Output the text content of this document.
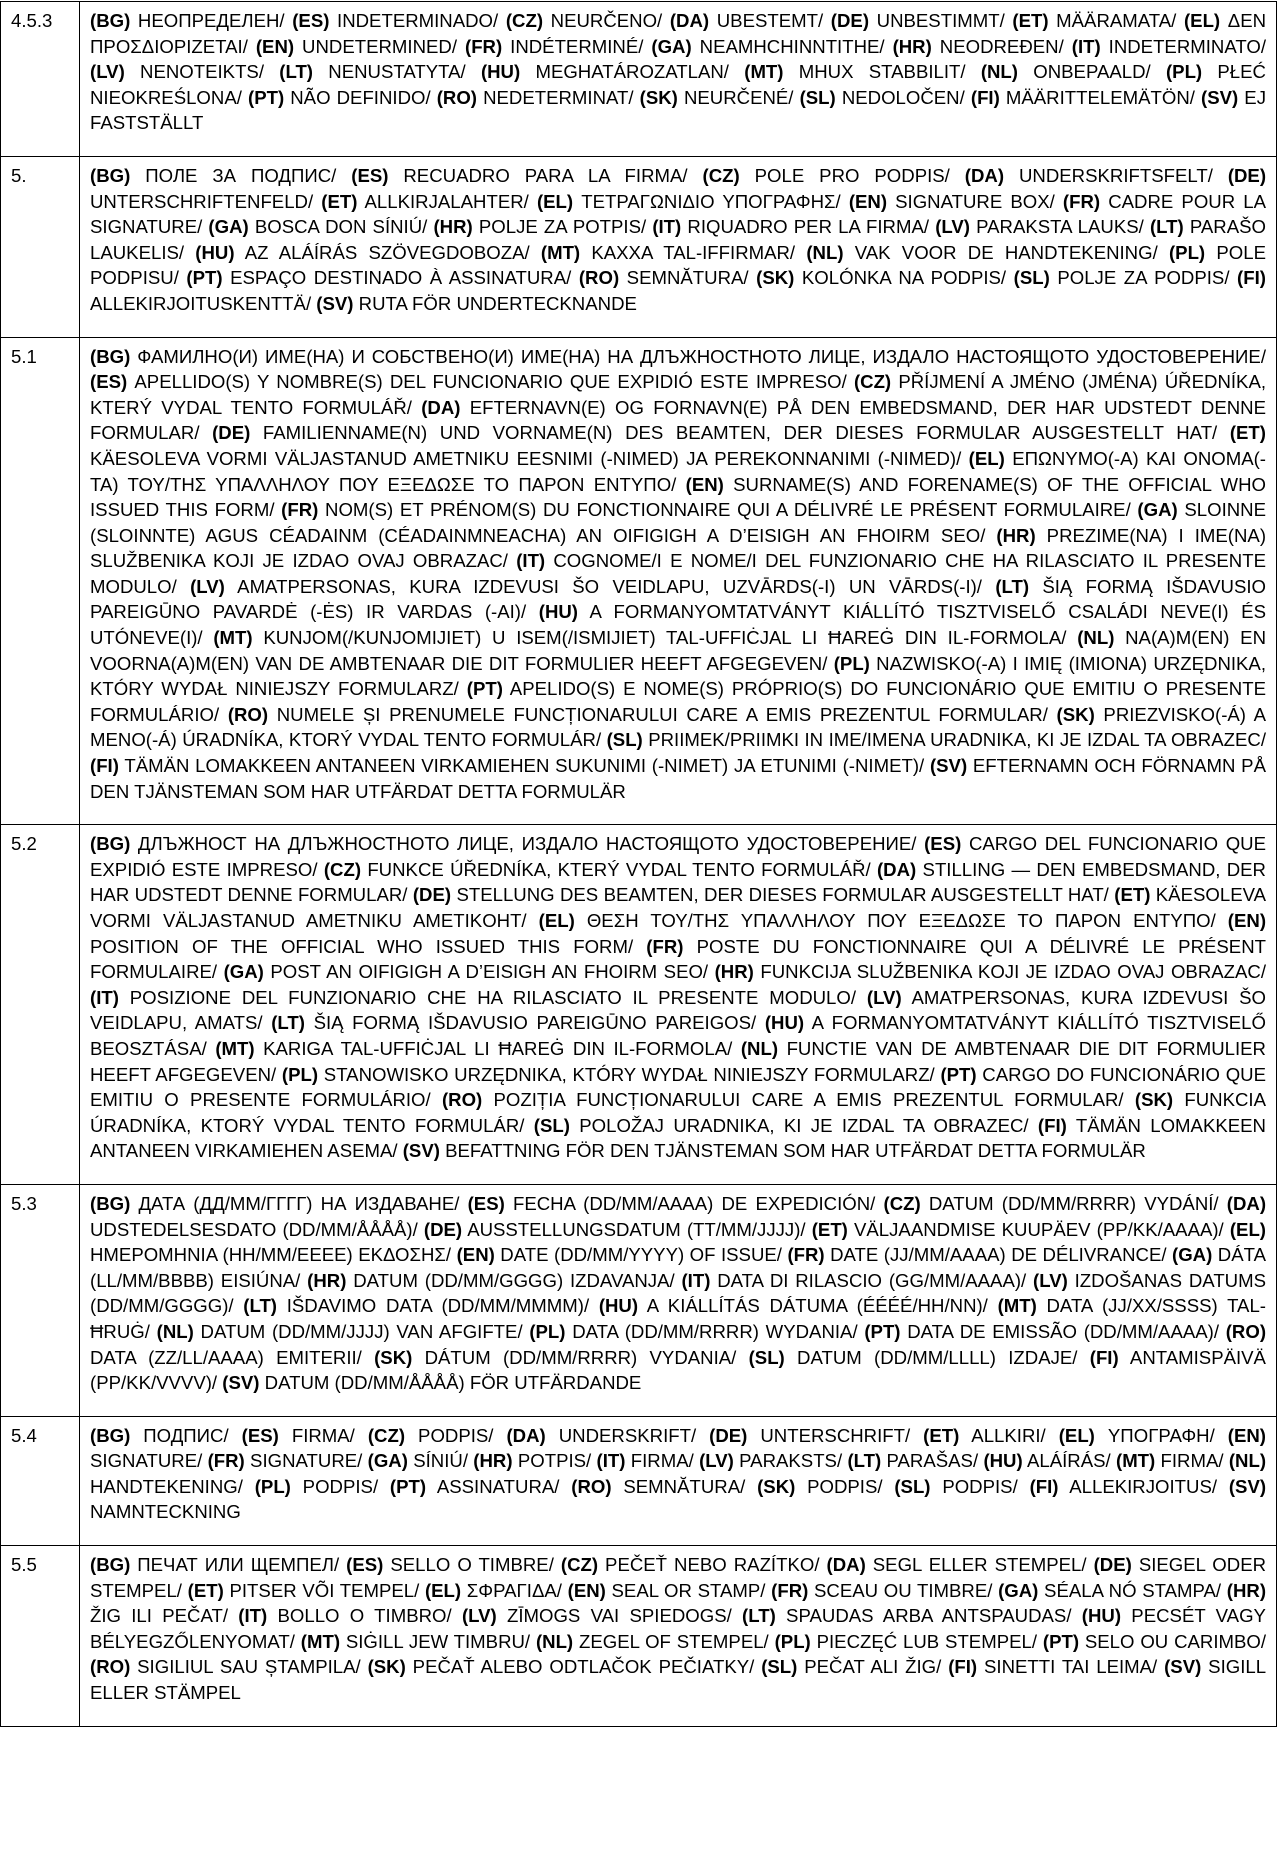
4.5.3	(BG) НЕОПРЕДЕЛЕН/ (ES) INDETERMINADO/ (CZ) NEURČENO/ (DA) UBESTEMT/ (DE) UNBESTIMMT/ (ET) MÄÄRAMATA/ (EL) ΔΕΝ ΠΡΟΣΔΙΟΡΙΖΕΤΑΙ/ (EN) UNDETERMINED/ (FR) INDÉTERMINÉ/ (GA) NEAMHCHINNTITHE/ (HR) NEODREĐEN/ (IT) INDETERMINATO/ (LV) NENOTEIKTS/ (LT) NENUSTATYTA/ (HU) MEGHATÁROZATLAN/ (MT) MHUX STABBILIT/ (NL) ONBEPAALD/ (PL) PŁEĆ NIEOKREŚLONA/ (PT) NÃO DEFINIDO/ (RO) NEDETERMINAT/ (SK) NEURČENÉ/ (SL) NEDOLOČEN/ (FI) MÄÄRITTELEMÄTÖN/ (SV) EJ FASTSTÄLLT
5.	(BG) ПОЛЕ ЗА ПОДПИС/ (ES) RECUADRO PARA LA FIRMA/ (CZ) POLE PRO PODPIS/ (DA) UNDERSKRIFTSFELT/ (DE) UNTERSCHRIFTENFELD/ (ET) ALLKIRJALAHTER/ (EL) ΤΕΤΡΑΓΩΝΙΔΙΟ ΥΠΟΓΡΑΦΗΣ/ (EN) SIGNATURE BOX/ (FR) CADRE POUR LA SIGNATURE/ (GA) BOSCA DON SÍNIÚ/ (HR) POLJE ZA POTPIS/ (IT) RIQUADRO PER LA FIRMA/ (LV) PARAKSTA LAUKS/ (LT) PARAŠO LAUKELIS/ (HU) AZ ALÁÍRÁS SZÖVEGDOBOZA/ (MT) KAXXA TAL-IFFIRMAR/ (NL) VAK VOOR DE HANDTEKENING/ (PL) POLE PODPISU/ (PT) ESPAÇO DESTINADO À ASSINATURA/ (RO) SEMNĂTURA/ (SK) KOLÓNKA NA PODPIS/ (SL) POLJE ZA PODPIS/ (FI) ALLEKIRJOITUSKENTTÄ/ (SV) RUTA FÖR UNDERTECKNANDE
5.1	(BG) ФАМИЛНО(И) ИМЕ(НА) И СОБСТВЕНО(И) ИМЕ(НА) НА ДЛЪЖНОСТНОТО ЛИЦЕ, ИЗДАЛО НАСТОЯЩОТО УДОСТОВЕРЕНИЕ/ (ES) APELLIDO(S) Y NOMBRE(S) DEL FUNCIONARIO QUE EXPIDIÓ ESTE IMPRESO/ (CZ) PŘÍJMENÍ A JMÉNO (JMÉNA) ÚŘEDNÍKA, KTERÝ VYDAL TENTO FORMULÁŘ/ (DA) EFTERNAVN(E) OG FORNAVN(E) PÅ DEN EMBEDSMAND, DER HAR UDSTEDT DENNE FORMULAR/ (DE) FAMILIENNAME(N) UND VORNAME(N) DES BEAMTEN, DER DIESES FORMULAR AUSGESTELLT HAT/ (ET) KÄESOLEVA VORMI VÄLJASTANUD AMETNIKU EESNIMI (-NIMED) JA PEREKONNANIMI (-NIMED)/ (EL) ΕΠΩΝΥΜΟ(-Α) ΚΑΙ ΟΝΟΜΑ(-ΤΑ) ΤΟΥ/ΤΗΣ ΥΠΑΛΛΗΛΟΥ ΠΟΥ ΕΞΕΔΩΣΕ ΤΟ ΠΑΡΟΝ ΕΝΤΥΠΟ/ (EN) SURNAME(S) AND FORENAME(S) OF THE OFFICIAL WHO ISSUED THIS FORM/ (FR) NOM(S) ET PRÉNOM(S) DU FONCTIONNAIRE QUI A DÉLIVRÉ LE PRÉSENT FORMULAIRE/ (GA) SLOINNE (SLOINNTE) AGUS CÉADAINM (CÉADAINMNEACHA) AN OIFIGIGH A D’EISIGH AN FHOIRM SEO/ (HR) PREZIME(NA) I IME(NA) SLUŽBENIKA KOJI JE IZDAO OVAJ OBRAZAC/ (IT) COGNOME/I E NOME/I DEL FUNZIONARIO CHE HA RILASCIATO IL PRESENTE MODULO/ (LV) AMATPERSONAS, KURA IZDEVUSI ŠO VEIDLAPU, UZVĀRDS(-I) UN VĀRDS(-I)/ (LT) ŠIĄ FORMĄ IŠDAVUSIO PAREIGŪNO PAVARDĖ (-ĖS) IR VARDAS (-AI)/ (HU) A FORMANYOMTATVÁNYT KIÁLLÍTÓ TISZTVISELŐ CSALÁDI NEVE(I) ÉS UTÓNEVE(I)/ (MT) KUNJOM(/KUNJOMIJIET) U ISEM(/ISMIJIET) TAL-UFFIĊJAL LI ĦAREĠ DIN IL-FORMOLA/ (NL) NA(A)M(EN) EN VOORNA(A)M(EN) VAN DE AMBTENAAR DIE DIT FORMULIER HEEFT AFGEGEVEN/ (PL) NAZWISKO(-A) I IMIĘ (IMIONA) URZĘDNIKA, KTÓRY WYDAŁ NINIEJSZY FORMULARZ/ (PT) APELIDO(S) E NOME(S) PRÓPRIO(S) DO FUNCIONÁRIO QUE EMITIU O PRESENTE FORMULÁRIO/ (RO) NUMELE ȘI PRENUMELE FUNCȚIONARULUI CARE A EMIS PREZENTUL FORMULAR/ (SK) PRIEZVISKO(-Á) A MENO(-Á) ÚRADNÍKA, KTORÝ VYDAL TENTO FORMULÁR/ (SL) PRIIMEK/PRIIMKI IN IME/IMENA URADNIKA, KI JE IZDAL TA OBRAZEC/ (FI) TÄMÄN LOMAKKEEN ANTANEEN VIRKAMIEHEN SUKUNIMI (-NIMET) JA ETUNIMI (-NIMET)/ (SV) EFTERNAMN OCH FÖRNAMN PÅ DEN TJÄNSTEMAN SOM HAR UTFÄRDAT DETTA FORMULÄR
5.2	(BG) ДЛЪЖНОСТ НА ДЛЪЖНОСТНОТО ЛИЦЕ, ИЗДАЛО НАСТОЯЩОТО УДОСТОВЕРЕНИЕ/ (ES) CARGO DEL FUNCIONARIO QUE EXPIDIÓ ESTE IMPRESO/ (CZ) FUNKCE ÚŘEDNÍKA, KTERÝ VYDAL TENTO FORMULÁŘ/ (DA) STILLING — DEN EMBEDSMAND, DER HAR UDSTEDT DENNE FORMULAR/ (DE) STELLUNG DES BEAMTEN, DER DIESES FORMULAR AUSGESTELLT HAT/ (ET) KÄESOLEVA VORMI VÄLJASTANUD AMETNIKU AMETIKOHT/ (EL) ΘΕΣΗ ΤΟΥ/ΤΗΣ ΥΠΑΛΛΗΛΟΥ ΠΟΥ ΕΞΕΔΩΣΕ ΤΟ ΠΑΡΟΝ ΕΝΤΥΠΟ/ (EN) POSITION OF THE OFFICIAL WHO ISSUED THIS FORM/ (FR) POSTE DU FONCTIONNAIRE QUI A DÉLIVRÉ LE PRÉSENT FORMULAIRE/ (GA) POST AN OIFIGIGH A D’EISIGH AN FHOIRM SEO/ (HR) FUNKCIJA SLUŽBENIKA KOJI JE IZDAO OVAJ OBRAZAC/ (IT) POSIZIONE DEL FUNZIONARIO CHE HA RILASCIATO IL PRESENTE MODULO/ (LV) AMATPERSONAS, KURA IZDEVUSI ŠO VEIDLAPU, AMATS/ (LT) ŠIĄ FORMĄ IŠDAVUSIO PAREIGŪNO PAREIGOS/ (HU) A FORMANYOMTATVÁNYT KIÁLLÍTÓ TISZTVISELŐ BEOSZTÁSA/ (MT) KARIGA TAL-UFFIĊJAL LI ĦAREĠ DIN IL-FORMOLA/ (NL) FUNCTIE VAN DE AMBTENAAR DIE DIT FORMULIER HEEFT AFGEGEVEN/ (PL) STANOWISKO URZĘDNIKA, KTÓRY WYDAŁ NINIEJSZY FORMULARZ/ (PT) CARGO DO FUNCIONÁRIO QUE EMITIU O PRESENTE FORMULÁRIO/ (RO) POZIȚIA FUNCȚIONARULUI CARE A EMIS PREZENTUL FORMULAR/ (SK) FUNKCIA ÚRADNÍKA, KTORÝ VYDAL TENTO FORMULÁR/ (SL) POLOŽAJ URADNIKA, KI JE IZDAL TA OBRAZEC/ (FI) TÄMÄN LOMAKKEEN ANTANEEN VIRKAMIEHEN ASEMA/ (SV) BEFATTNING FÖR DEN TJÄNSTEMAN SOM HAR UTFÄRDAT DETTA FORMULÄR
5.3	(BG) ДАТА (ДД/ММ/ГГГГ) НА ИЗДАВАНЕ/ (ES) FECHA (DD/MM/AAAA) DE EXPEDICIÓN/ (CZ) DATUM (DD/MM/RRRR) VYDÁNÍ/ (DA) UDSTEDELSESDATO (DD/MM/ÅÅÅÅ)/ (DE) AUSSTELLUNGSDATUM (TT/MM/JJJJ)/ (ET) VÄLJAANDMISE KUUPÄEV (PP/KK/AAAA)/ (EL) ΗΜΕΡΟΜΗΝΙΑ (ΗΗ/ΜΜ/ΕΕΕΕ) ΕΚΔΟΣΗΣ/ (EN) DATE (DD/MM/YYYY) OF ISSUE/ (FR) DATE (JJ/MM/AAAA) DE DÉLIVRANCE/ (GA) DÁTA (LL/MM/BBBB) EISIÚNA/ (HR) DATUM (DD/MM/GGGG) IZDAVANJA/ (IT) DATA DI RILASCIO (GG/MM/AAAA)/ (LV) IZDOŠANAS DATUMS (DD/MM/GGGG)/ (LT) IŠDAVIMO DATA (DD/MM/MMMM)/ (HU) A KIÁLLÍTÁS DÁTUMA (ÉÉÉÉ/HH/NN)/ (MT) DATA (JJ/XX/SSSS) TAL-ĦRUĠ/ (NL) DATUM (DD/MM/JJJJ) VAN AFGIFTE/ (PL) DATA (DD/MM/RRRR) WYDANIA/ (PT) DATA DE EMISSÃO (DD/MM/AAAA)/ (RO) DATA (ZZ/LL/AAAA) EMITERII/ (SK) DÁTUM (DD/MM/RRRR) VYDANIA/ (SL) DATUM (DD/MM/LLLL) IZDAJE/ (FI) ANTAMISPÄIVÄ (PP/KK/VVVV)/ (SV) DATUM (DD/MM/ÅÅÅÅ) FÖR UTFÄRDANDE
5.4	(BG) ПОДПИС/ (ES) FIRMA/ (CZ) PODPIS/ (DA) UNDERSKRIFT/ (DE) UNTERSCHRIFT/ (ET) ALLKIRI/ (EL) ΥΠΟΓΡΑΦΗ/ (EN) SIGNATURE/ (FR) SIGNATURE/ (GA) SÍNIÚ/ (HR) POTPIS/ (IT) FIRMA/ (LV) PARAKSTS/ (LT) PARAŠAS/ (HU) ALÁÍRÁS/ (MT) FIRMA/ (NL) HANDTEKENING/ (PL) PODPIS/ (PT) ASSINATURA/ (RO) SEMNĂTURA/ (SK) PODPIS/ (SL) PODPIS/ (FI) ALLEKIRJOITUS/ (SV) NAMNTECKNING
5.5	(BG) ПЕЧАТ ИЛИ ЩЕМПЕЛ/ (ES) SELLO O TIMBRE/ (CZ) PEČEŤ NEBO RAZÍTKO/ (DA) SEGL ELLER STEMPEL/ (DE) SIEGEL ODER STEMPEL/ (ET) PITSER VÕI TEMPEL/ (EL) ΣΦΡΑΓΙΔΑ/ (EN) SEAL OR STAMP/ (FR) SCEAU OU TIMBRE/ (GA) SÉALA NÓ STAMPA/ (HR) ŽIG ILI PEČAT/ (IT) BOLLO O TIMBRO/ (LV) ZĪMOGS VAI SPIEDOGS/ (LT) SPAUDAS ARBA ANTSPAUDAS/ (HU) PECSÉT VAGY BÉLYEGZŐLENYOMAT/ (MT) SIĠILL JEW TIMBRU/ (NL) ZEGEL OF STEMPEL/ (PL) PIECZĘĆ LUB STEMPEL/ (PT) SELO OU CARIMBO/ (RO) SIGILIUL SAU ȘTAMPILA/ (SK) PEČAŤ ALEBO ODTLAČOK PEČIATKY/ (SL) PEČAT ALI ŽIG/ (FI) SINETTI TAI LEIMA/ (SV) SIGILL ELLER STÄMPEL
